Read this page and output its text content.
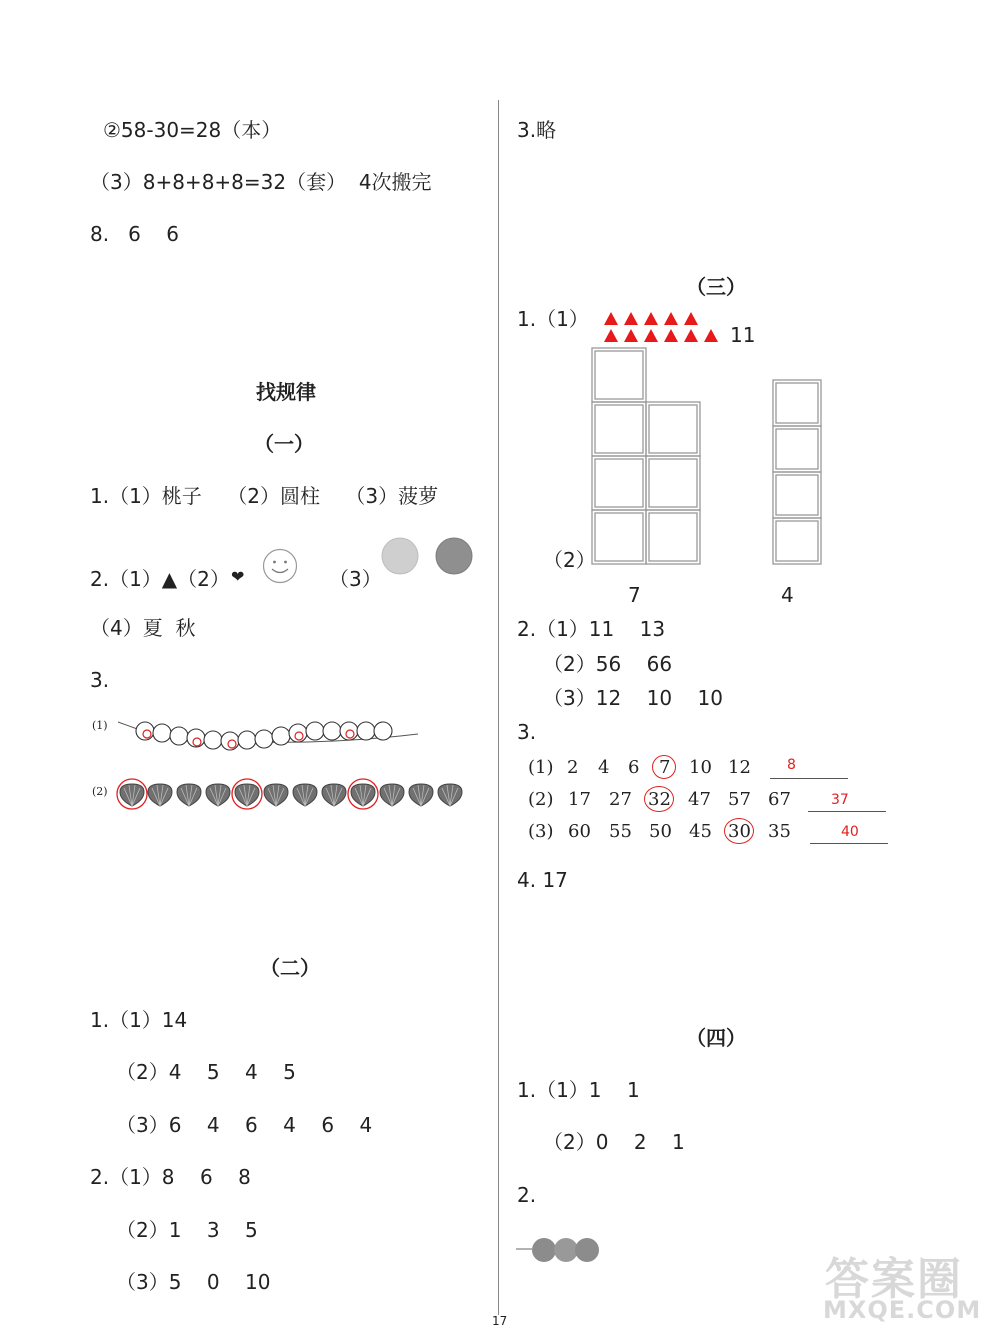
②58-30=28（本）
（3）8+8+8+8=32（套）  4次搬完
8.   6    6
找规律
（一）
1.（1）桃子    （2）圆柱    （3）菠萝
2.（1）▲（2） ❤	（3）
（4）夏  秋
3.
(1)
(2)
（二）
1.（1）14
（2）4    5    4    5
（3）6    4    6    4    6    4
2.（1）8    6    8
（2）1    3    5
（3）5    0    10
3.略
（三）
1.（1）
11
（2）
7	4
2.（1）11    13
（2）56    66
（3）12    10    10
3.
(1) 2 4 6 7 10 12	8
(2) 17 27 32 47 57 67	37
(3) 60 55 50 45 30 35	40
4. 17
（四）
1.（1）1    1
（2）0    2    1
2.
答案圈
MXQE.COM
17
